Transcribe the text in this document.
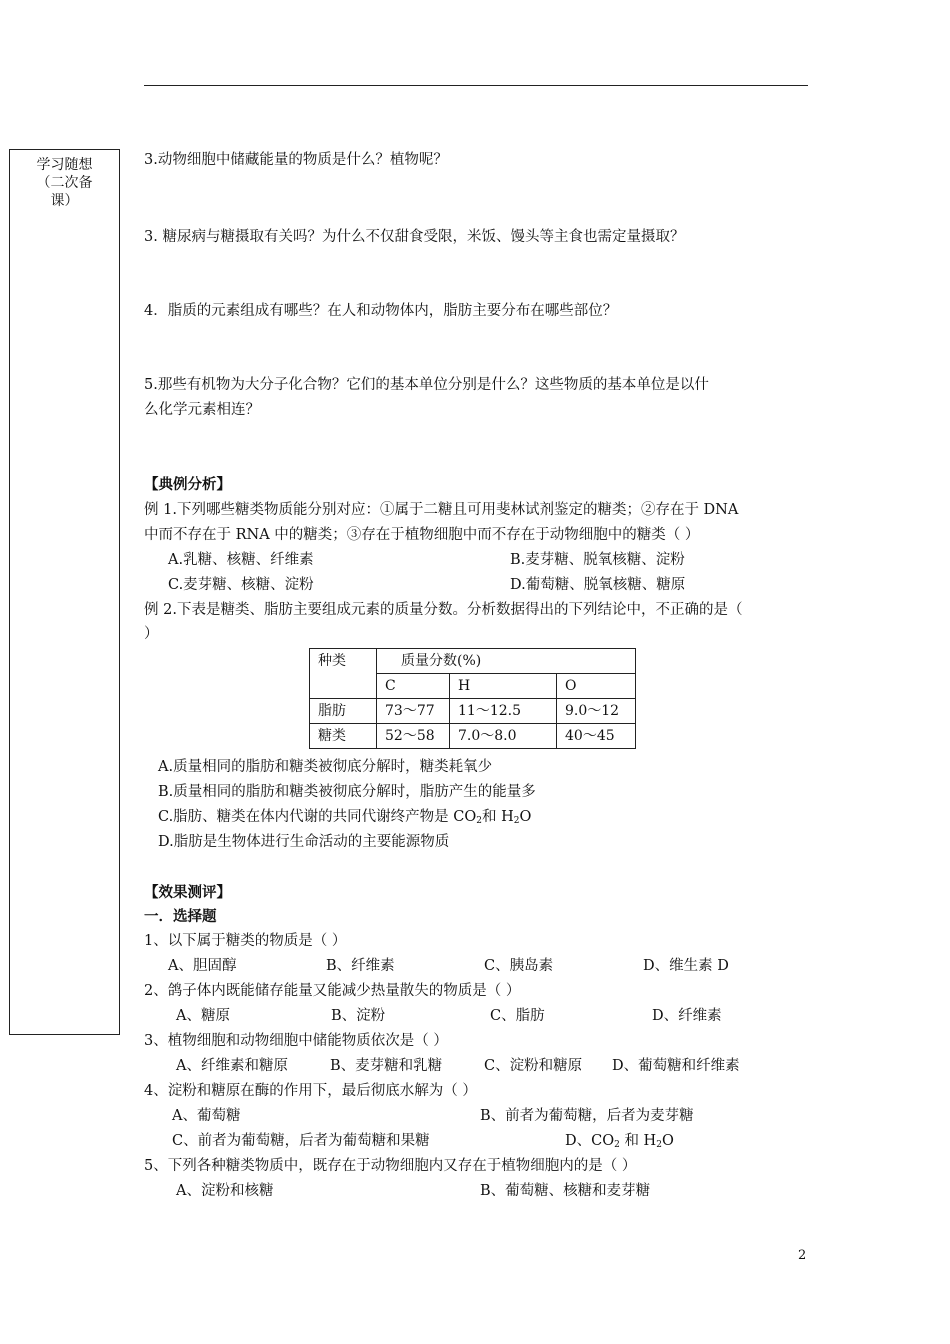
学习随想
（二次备
课）
3.动物细胞中储藏能量的物质是什么？植物呢？
3. 糖尿病与糖摄取有关吗？为什么不仅甜食受限，米饭、馒头等主食也需定量摄取？
4．脂质的元素组成有哪些？在人和动物体内，脂肪主要分布在哪些部位？
5.那些有机物为大分子化合物？它们的基本单位分别是什么？这些物质的基本单位是以什
么化学元素相连？
【典例分析】
例 1.下列哪些糖类物质能分别对应：①属于二糖且可用斐林试剂鉴定的糖类；②存在于 DNA
中而不存在于 RNA 中的糖类；③存在于植物细胞中而不存在于动物细胞中的糖类（ ）
A.乳糖、核糖、纤维素	B.麦芽糖、脱氧核糖、淀粉
C.麦芽糖、核糖、淀粉	D.葡萄糖、脱氧核糖、糖原
例 2.下表是糖类、脂肪主要组成元素的质量分数。分析数据得出的下列结论中，不正确的是（
）
种类	质量分数(%)		
	C	H	O
脂肪	73～77	11～12.5	9.0～12
糖类	52～58	7.0～8.0	40～45
A.质量相同的脂肪和糖类被彻底分解时，糖类耗氧少
B.质量相同的脂肪和糖类被彻底分解时，脂肪产生的能量多
C.脂肪、糖类在体内代谢的共同代谢终产物是 $CO_2$和 $H_2O$
D.脂肪是生物体进行生命活动的主要能源物质
【效果测评】
一．选择题
1、以下属于糖类的物质是（ ）
A、胆固醇	B、纤维素	C、胰岛素	D、维生素 D
2、鸽子体内既能储存能量又能减少热量散失的物质是（ ）
A、糖原	B、淀粉	C、脂肪	D、纤维素
3、植物细胞和动物细胞中储能物质依次是（ ）
A、纤维素和糖原	B、麦芽糖和乳糖	C、淀粉和糖原 D、葡萄糖和纤维素
4、淀粉和糖原在酶的作用下，最后彻底水解为（ ）
A、葡萄糖	B、前者为葡萄糖，后者为麦芽糖
C、前者为葡萄糖，后者为葡萄糖和果糖	D、$CO_2$ 和 $H_2O$
5、下列各种糖类物质中，既存在于动物细胞内又存在于植物细胞内的是（ ）
A、淀粉和核糖	B、葡萄糖、核糖和麦芽糖
2
